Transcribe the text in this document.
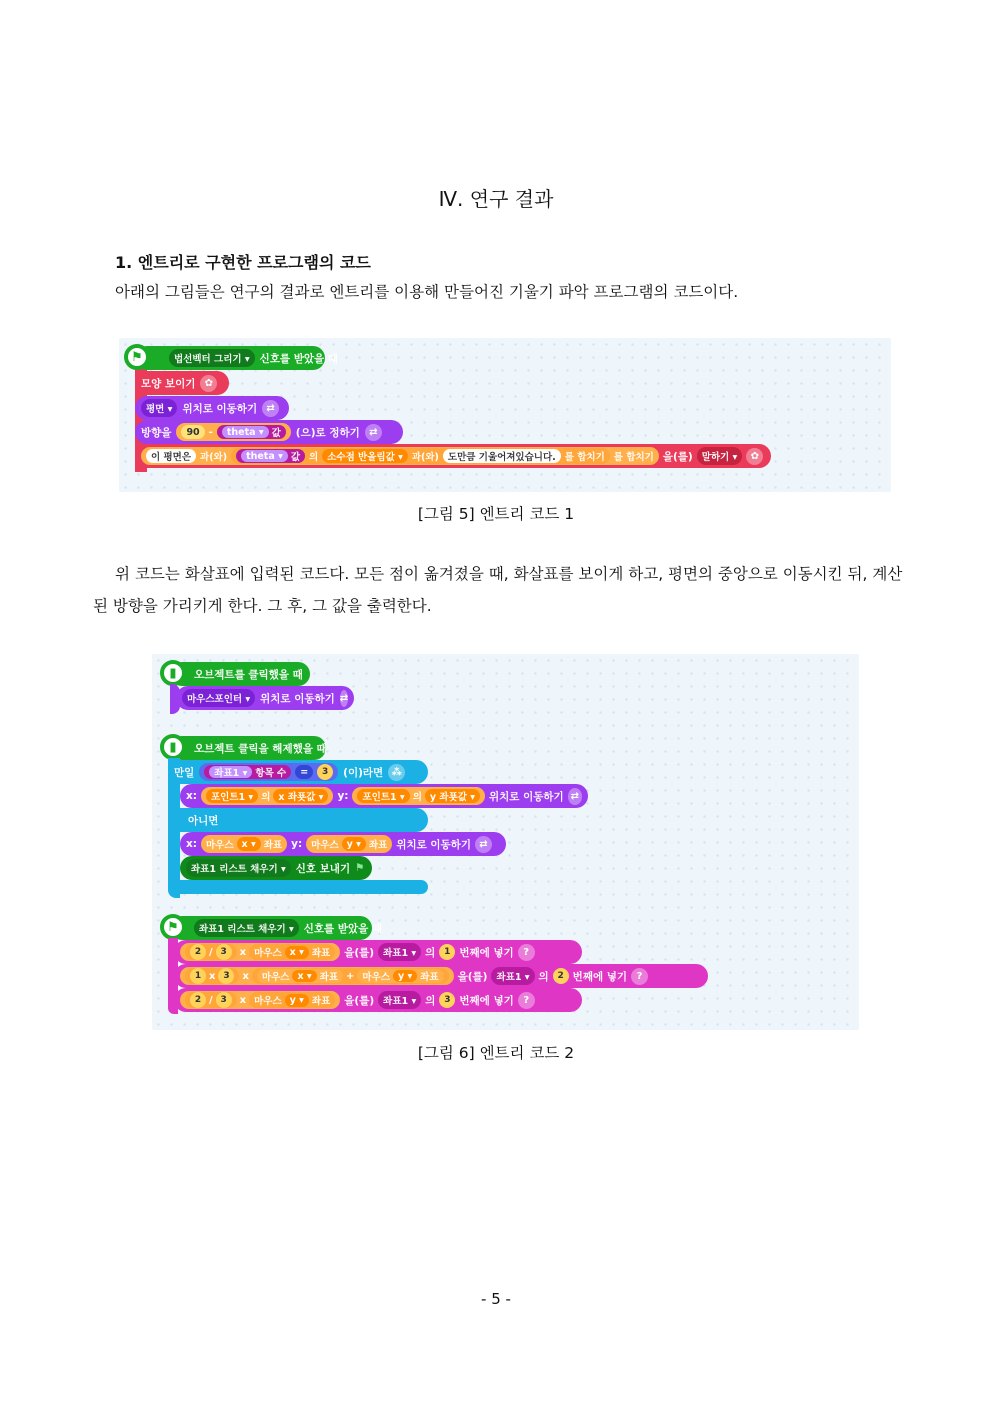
Ⅳ. 연구 결과
1. 엔트리로 구현한 프로그램의 코드
아래의 그림들은 연구의 결과로 엔트리를 이용해 만들어진 기울기 파악 프로그램의 코드이다.
법선벡터 그리기 ▾ 신호를 받았을 때
⚑
모양 보이기 ✿
평면 ▾ 위치로 이동하기 ⇄
방향을	90 -	theta ▾ 값 (으)로 정하기 ⇄
이 평면은 과(와)	theta ▾ 값 의 소수점 반올림값 ▾ 과(와) 도만큼 기울어져있습니다. 를 합치기 를 합치기 을(를) 말하기 ▾	✿
[그림 5] 엔트리 코드 1
위 코드는 화살표에 입력된 코드다. 모든 점이 옮겨졌을 때, 화살표를 보이게 하고, 평면의 중앙으로 이동시킨 뒤, 계산된 방향을 가리키게 한다. 그 후, 그 값을 출력한다.
오브젝트를 클릭했을 때
▮
마우스포인터 ▾ 위치로 이동하기 ⇄
오브젝트 클릭을 해제했을 때
▮
만일	좌표1 ▾ 항목 수	=	3	(이)라면 ⁂
x:	포인트1 ▾ 의 x 좌푯값 ▾	y:	포인트1 ▾ 의 y 좌푯값 ▾	위치로 이동하기 ⇄
아니면
x: 마우스 x ▾ 좌표 y: 마우스 y ▾ 좌표 위치로 이동하기 ⇄
좌표1 리스트 채우기 ▾ 신호 보내기 ⚑
좌표1 리스트 채우기 ▾ 신호를 받았을 때
⚑
2 / 3	x 마우스 x ▾ 좌표 을(를) 좌표1 ▾ 의 1 번째에 넣기 ?
1 x 3	x 마우스 x ▾ 좌표 + 마우스 y ▾ 좌표 을(를) 좌표1 ▾ 의 2 번째에 넣기 ?
2 / 3	x 마우스 y ▾ 좌표 을(를) 좌표1 ▾ 의 3 번째에 넣기 ?
[그림 6] 엔트리 코드 2
- 5 -
